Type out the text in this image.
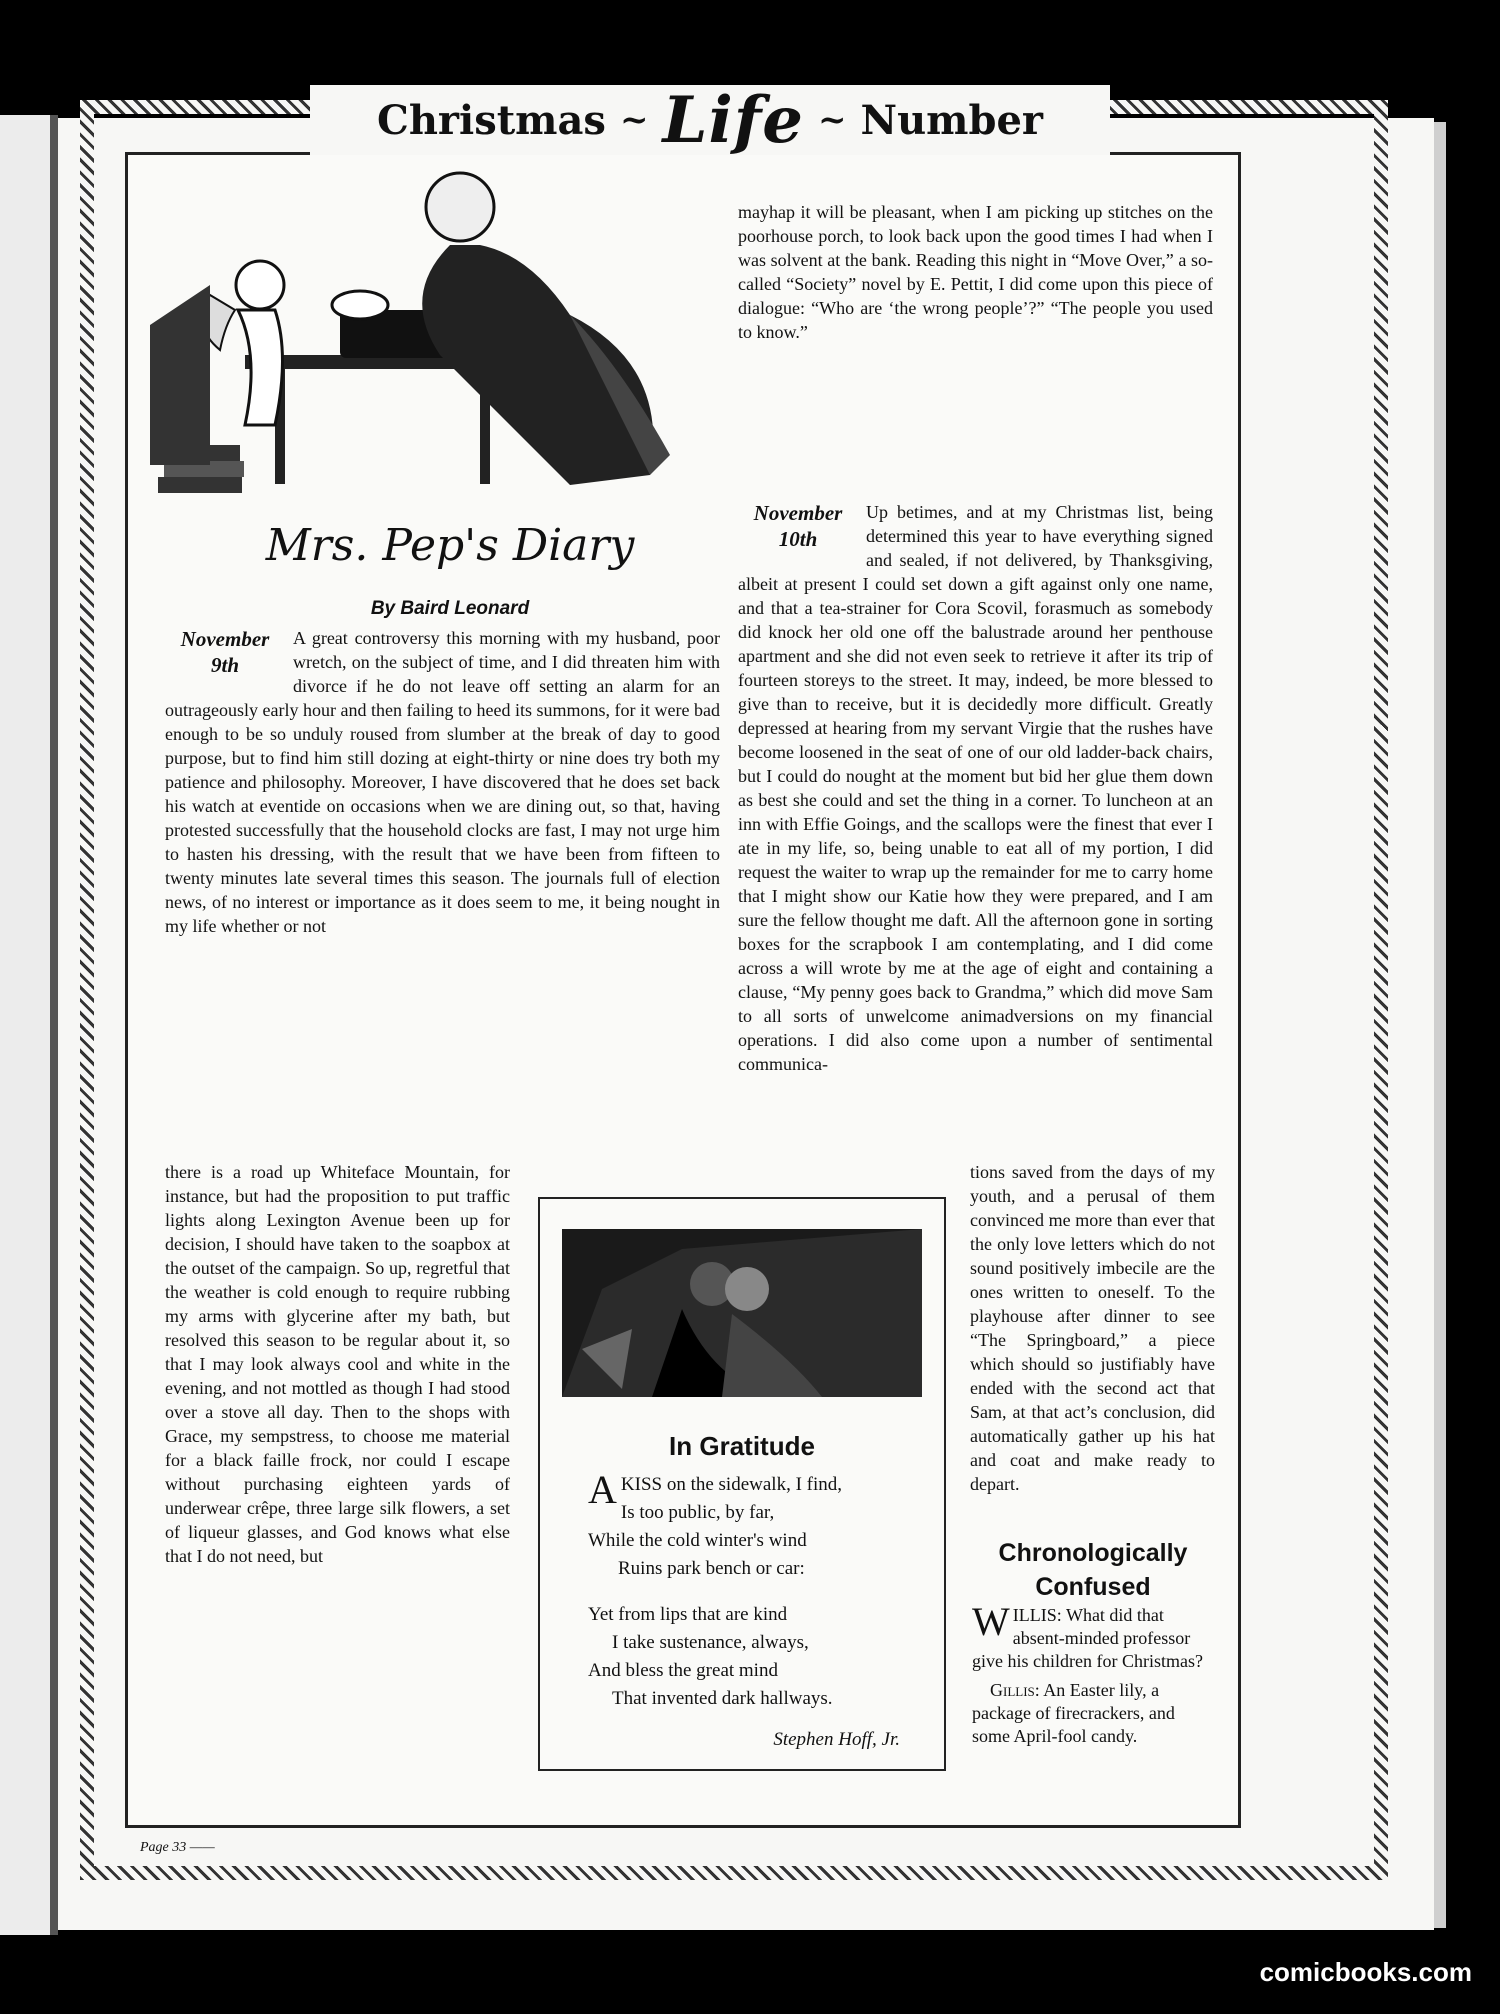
Christmas ~ Life ~ Number
Mrs. Pep's Diary
By Baird Leonard
November
9th
A great controversy this morning with my husband, poor wretch, on the subject of time, and I did threaten him with divorce if he do not leave off setting an alarm for an outrageously early hour and then failing to heed its summons, for it were bad enough to be so unduly roused from slumber at the break of day to good purpose, but to find him still dozing at eight-thirty or nine does try both my patience and philosophy. Moreover, I have discovered that he does set back his watch at eventide on occasions when we are dining out, so that, having protested successfully that the household clocks are fast, I may not urge him to hasten his dressing, with the result that we have been from fifteen to twenty minutes late several times this season. The journals full of election news, of no interest or importance as it does seem to me, it being nought in my life whether or not
there is a road up Whiteface Mountain, for instance, but had the proposition to put traffic lights along Lexington Avenue been up for decision, I should have taken to the soapbox at the outset of the campaign. So up, regretful that the weather is cold enough to require rubbing my arms with glycerine after my bath, but resolved this season to be regular about it, so that I may look always cool and white in the evening, and not mottled as though I had stood over a stove all day. Then to the shops with Grace, my sempstress, to choose me material for a black faille frock, nor could I escape without purchasing eighteen yards of underwear crêpe, three large silk flowers, a set of liqueur glasses, and God knows what else that I do not need, but
mayhap it will be pleasant, when I am picking up stitches on the poorhouse porch, to look back upon the good times I had when I was solvent at the bank. Reading this night in “Move Over,” a so-called “Society” novel by E. Pettit, I did come upon this piece of dialogue: “Who are ‘the wrong people’?” “The people you used to know.”
November
10th
Up betimes, and at my Christmas list, being determined this year to have everything signed and sealed, if not delivered, by Thanksgiving, albeit at present I could set down a gift against only one name, and that a tea-strainer for Cora Scovil, forasmuch as somebody did knock her old one off the balustrade around her penthouse apartment and she did not even seek to retrieve it after its trip of fourteen storeys to the street. It may, indeed, be more blessed to give than to receive, but it is decidedly more difficult. Greatly depressed at hearing from my servant Virgie that the rushes have become loosened in the seat of one of our old ladder-back chairs, but I could do nought at the moment but bid her glue them down as best she could and set the thing in a corner. To luncheon at an inn with Effie Goings, and the scallops were the finest that ever I ate in my life, so, being unable to eat all of my portion, I did request the waiter to wrap up the remainder for me to carry home that I might show our Katie how they were prepared, and I am sure the fellow thought me daft. All the afternoon gone in sorting boxes for the scrapbook I am contemplating, and I did come across a will wrote by me at the age of eight and containing a clause, “My penny goes back to Grandma,” which did move Sam to all sorts of unwelcome animadversions on my financial operations. I did also come upon a number of sentimental communica-
tions saved from the days of my youth, and a perusal of them convinced me more than ever that the only love letters which do not sound positively imbecile are the ones written to oneself. To the playhouse after dinner to see “The Springboard,” a piece which should so justifiably have ended with the second act that Sam, at that act’s conclusion, did automatically gather up his hat and coat and make ready to depart.
In Gratitude
AKISS on the sidewalk, I find,
Is too public, by far,
While the cold winter's wind
Ruins park bench or car:
Yet from lips that are kind
I take sustenance, always,
And bless the great mind
That invented dark hallways.
Stephen Hoff, Jr.
Chronologically
Confused
WILLIS: What did that absent-minded professor give his children for Christmas?
Gillis: An Easter lily, a package of firecrackers, and some April-fool candy.
Page 33 ——
comicbooks.com
